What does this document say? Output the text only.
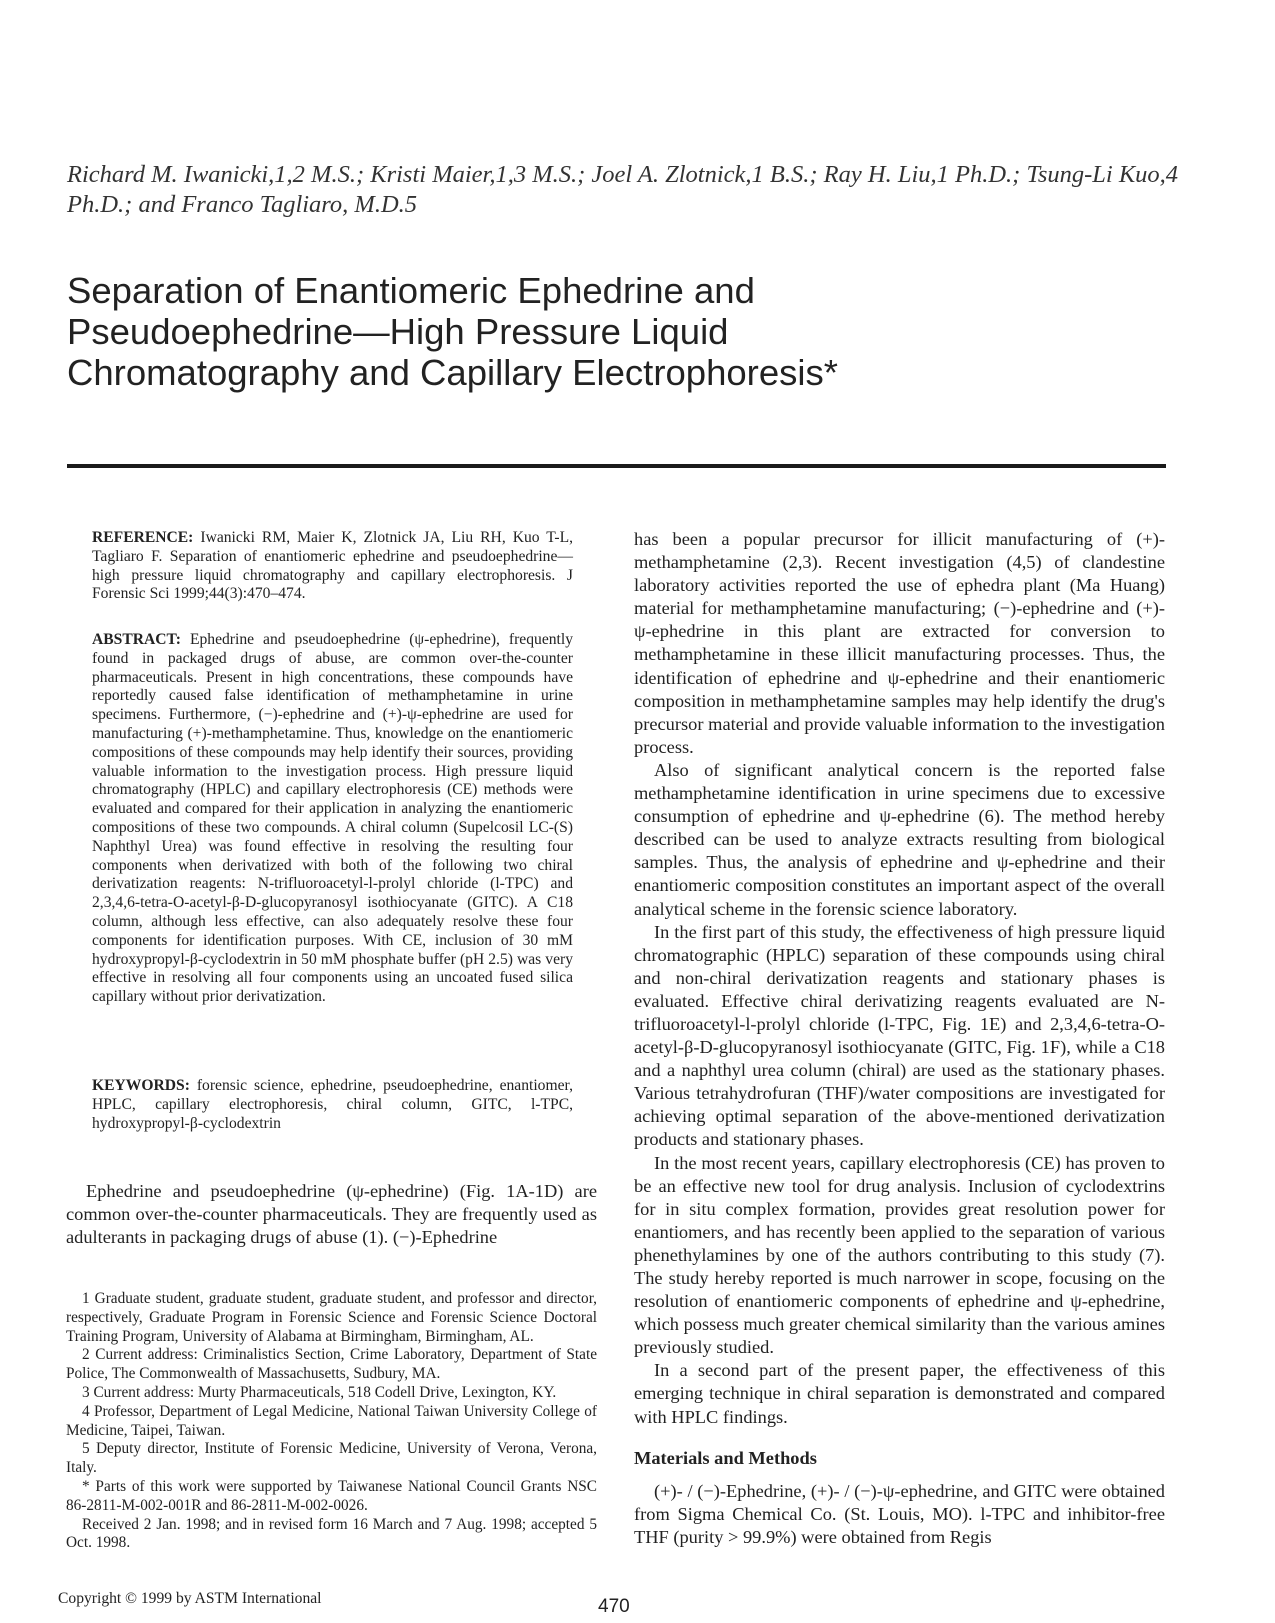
Richard M. Iwanicki,1,2 M.S.; Kristi Maier,1,3 M.S.; Joel A. Zlotnick,1 B.S.; Ray H. Liu,1 Ph.D.; Tsung-Li Kuo,4 Ph.D.; and Franco Tagliaro, M.D.5
Separation of Enantiomeric Ephedrine and Pseudoephedrine—High Pressure Liquid Chromatography and Capillary Electrophoresis*
REFERENCE: Iwanicki RM, Maier K, Zlotnick JA, Liu RH, Kuo T-L, Tagliaro F. Separation of enantiomeric ephedrine and pseudoephedrine—high pressure liquid chromatography and capillary electrophoresis. J Forensic Sci 1999;44(3):470–474.
ABSTRACT: Ephedrine and pseudoephedrine (ψ-ephedrine), frequently found in packaged drugs of abuse, are common over-the-counter pharmaceuticals. Present in high concentrations, these compounds have reportedly caused false identification of methamphetamine in urine specimens. Furthermore, (−)-ephedrine and (+)-ψ-ephedrine are used for manufacturing (+)-methamphetamine. Thus, knowledge on the enantiomeric compositions of these compounds may help identify their sources, providing valuable information to the investigation process. High pressure liquid chromatography (HPLC) and capillary electrophoresis (CE) methods were evaluated and compared for their application in analyzing the enantiomeric compositions of these two compounds. A chiral column (Supelcosil LC-(S) Naphthyl Urea) was found effective in resolving the resulting four components when derivatized with both of the following two chiral derivatization reagents: N-trifluoroacetyl-l-prolyl chloride (l-TPC) and 2,3,4,6-tetra-O-acetyl-β-D-glucopyranosyl isothiocyanate (GITC). A C18 column, although less effective, can also adequately resolve these four components for identification purposes. With CE, inclusion of 30 mM hydroxypropyl-β-cyclodextrin in 50 mM phosphate buffer (pH 2.5) was very effective in resolving all four components using an uncoated fused silica capillary without prior derivatization.
KEYWORDS: forensic science, ephedrine, pseudoephedrine, enantiomer, HPLC, capillary electrophoresis, chiral column, GITC, l-TPC, hydroxypropyl-β-cyclodextrin

Ephedrine and pseudoephedrine (ψ-ephedrine) (Fig. 1A-1D) are common over-the-counter pharmaceuticals. They are frequently used as adulterants in packaging drugs of abuse (1). (−)-Ephedrine

1 Graduate student, graduate student, graduate student, and professor and director, respectively, Graduate Program in Forensic Science and Forensic Science Doctoral Training Program, University of Alabama at Birmingham, Birmingham, AL.

2 Current address: Criminalistics Section, Crime Laboratory, Department of State Police, The Commonwealth of Massachusetts, Sudbury, MA.

3 Current address: Murty Pharmaceuticals, 518 Codell Drive, Lexington, KY.

4 Professor, Department of Legal Medicine, National Taiwan University College of Medicine, Taipei, Taiwan.

5 Deputy director, Institute of Forensic Medicine, University of Verona, Verona, Italy.

* Parts of this work were supported by Taiwanese National Council Grants NSC 86-2811-M-002-001R and 86-2811-M-002-0026.

Received 2 Jan. 1998; and in revised form 16 March and 7 Aug. 1998; accepted 5 Oct. 1998.

has been a popular precursor for illicit manufacturing of (+)-methamphetamine (2,3). Recent investigation (4,5) of clandestine laboratory activities reported the use of ephedra plant (Ma Huang) material for methamphetamine manufacturing; (−)-ephedrine and (+)-ψ-ephedrine in this plant are extracted for conversion to methamphetamine in these illicit manufacturing processes. Thus, the identification of ephedrine and ψ-ephedrine and their enantiomeric composition in methamphetamine samples may help identify the drug's precursor material and provide valuable information to the investigation process.

Also of significant analytical concern is the reported false methamphetamine identification in urine specimens due to excessive consumption of ephedrine and ψ-ephedrine (6). The method hereby described can be used to analyze extracts resulting from biological samples. Thus, the analysis of ephedrine and ψ-ephedrine and their enantiomeric composition constitutes an important aspect of the overall analytical scheme in the forensic science laboratory.

In the first part of this study, the effectiveness of high pressure liquid chromatographic (HPLC) separation of these compounds using chiral and non-chiral derivatization reagents and stationary phases is evaluated. Effective chiral derivatizing reagents evaluated are N-trifluoroacetyl-l-prolyl chloride (l-TPC, Fig. 1E) and 2,3,4,6-tetra-O-acetyl-β-D-glucopyranosyl isothiocyanate (GITC, Fig. 1F), while a C18 and a naphthyl urea column (chiral) are used as the stationary phases. Various tetrahydrofuran (THF)/water compositions are investigated for achieving optimal separation of the above-mentioned derivatization products and stationary phases.

In the most recent years, capillary electrophoresis (CE) has proven to be an effective new tool for drug analysis. Inclusion of cyclodextrins for in situ complex formation, provides great resolution power for enantiomers, and has recently been applied to the separation of various phenethylamines by one of the authors contributing to this study (7). The study hereby reported is much narrower in scope, focusing on the resolution of enantiomeric components of ephedrine and ψ-ephedrine, which possess much greater chemical similarity than the various amines previously studied.

In a second part of the present paper, the effectiveness of this emerging technique in chiral separation is demonstrated and compared with HPLC findings.

Materials and Methods

(+)- / (−)-Ephedrine, (+)- / (−)-ψ-ephedrine, and GITC were obtained from Sigma Chemical Co. (St. Louis, MO). l-TPC and inhibitor-free THF (purity > 99.9%) were obtained from Regis

Copyright © 1999 by ASTM International	470
